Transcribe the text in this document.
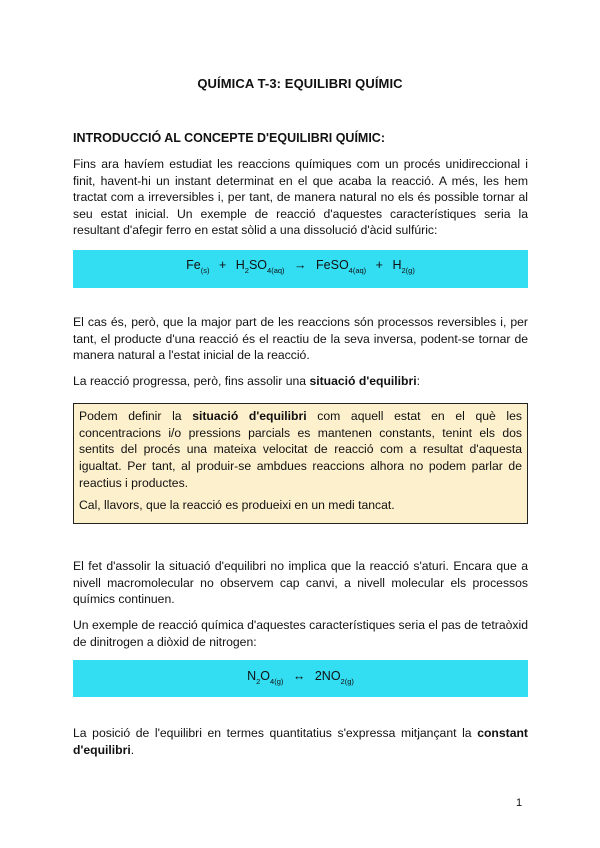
QUÍMICA T-3: EQUILIBRI QUÍMIC
INTRODUCCIÓ AL CONCEPTE D'EQUILIBRI QUÍMIC:

Fins ara havíem estudiat les reaccions químiques com un procés unidireccional i finit, havent-hi un instant determinat en el que acaba la reacció. A més, les hem tractat com a irreversibles i, per tant, de manera natural no els és possible tornar al seu estat inicial. Un exemple de reacció d'aquestes característiques seria la resultant d'afegir ferro en estat sòlid a una dissolució d'àcid sulfúric:

$Fe_{(s)} + H_2SO_{4(aq)}$ → FeSO$_{4(aq)}$ + $H_{2(g)}$

El cas és, però, que la major part de les reaccions són processos reversibles i, per tant, el producte d'una reacció és el reactiu de la seva inversa, podent-se tornar de manera natural a l'estat inicial de la reacció.

La reacció progressa, però, fins assolir una situació d'equilibri:

Podem definir la situació d'equilibri com aquell estat en el què les concentracions i/o pressions parcials es mantenen constants, tenint els dos sentits del procés una mateixa velocitat de reacció com a resultat d'aquesta igualtat. Per tant, al produir-se ambdues reaccions alhora no podem parlar de reactius i productes.

Cal, llavors, que la reacció es produeixi en un medi tancat.

El fet d'assolir la situació d'equilibri no implica que la reacció s'aturi. Encara que a nivell macromolecular no observem cap canvi, a nivell molecular els processos químics continuen.

Un exemple de reacció química d'aquestes característiques seria el pas de tetraòxid de dinitrogen a diòxid de nitrogen:

$N_2O_{4(g)}$ ↔ $2NO_{2(g)}$

La posició de l'equilibri en termes quantitatius s'expressa mitjançant la constant d'equilibri.

1
